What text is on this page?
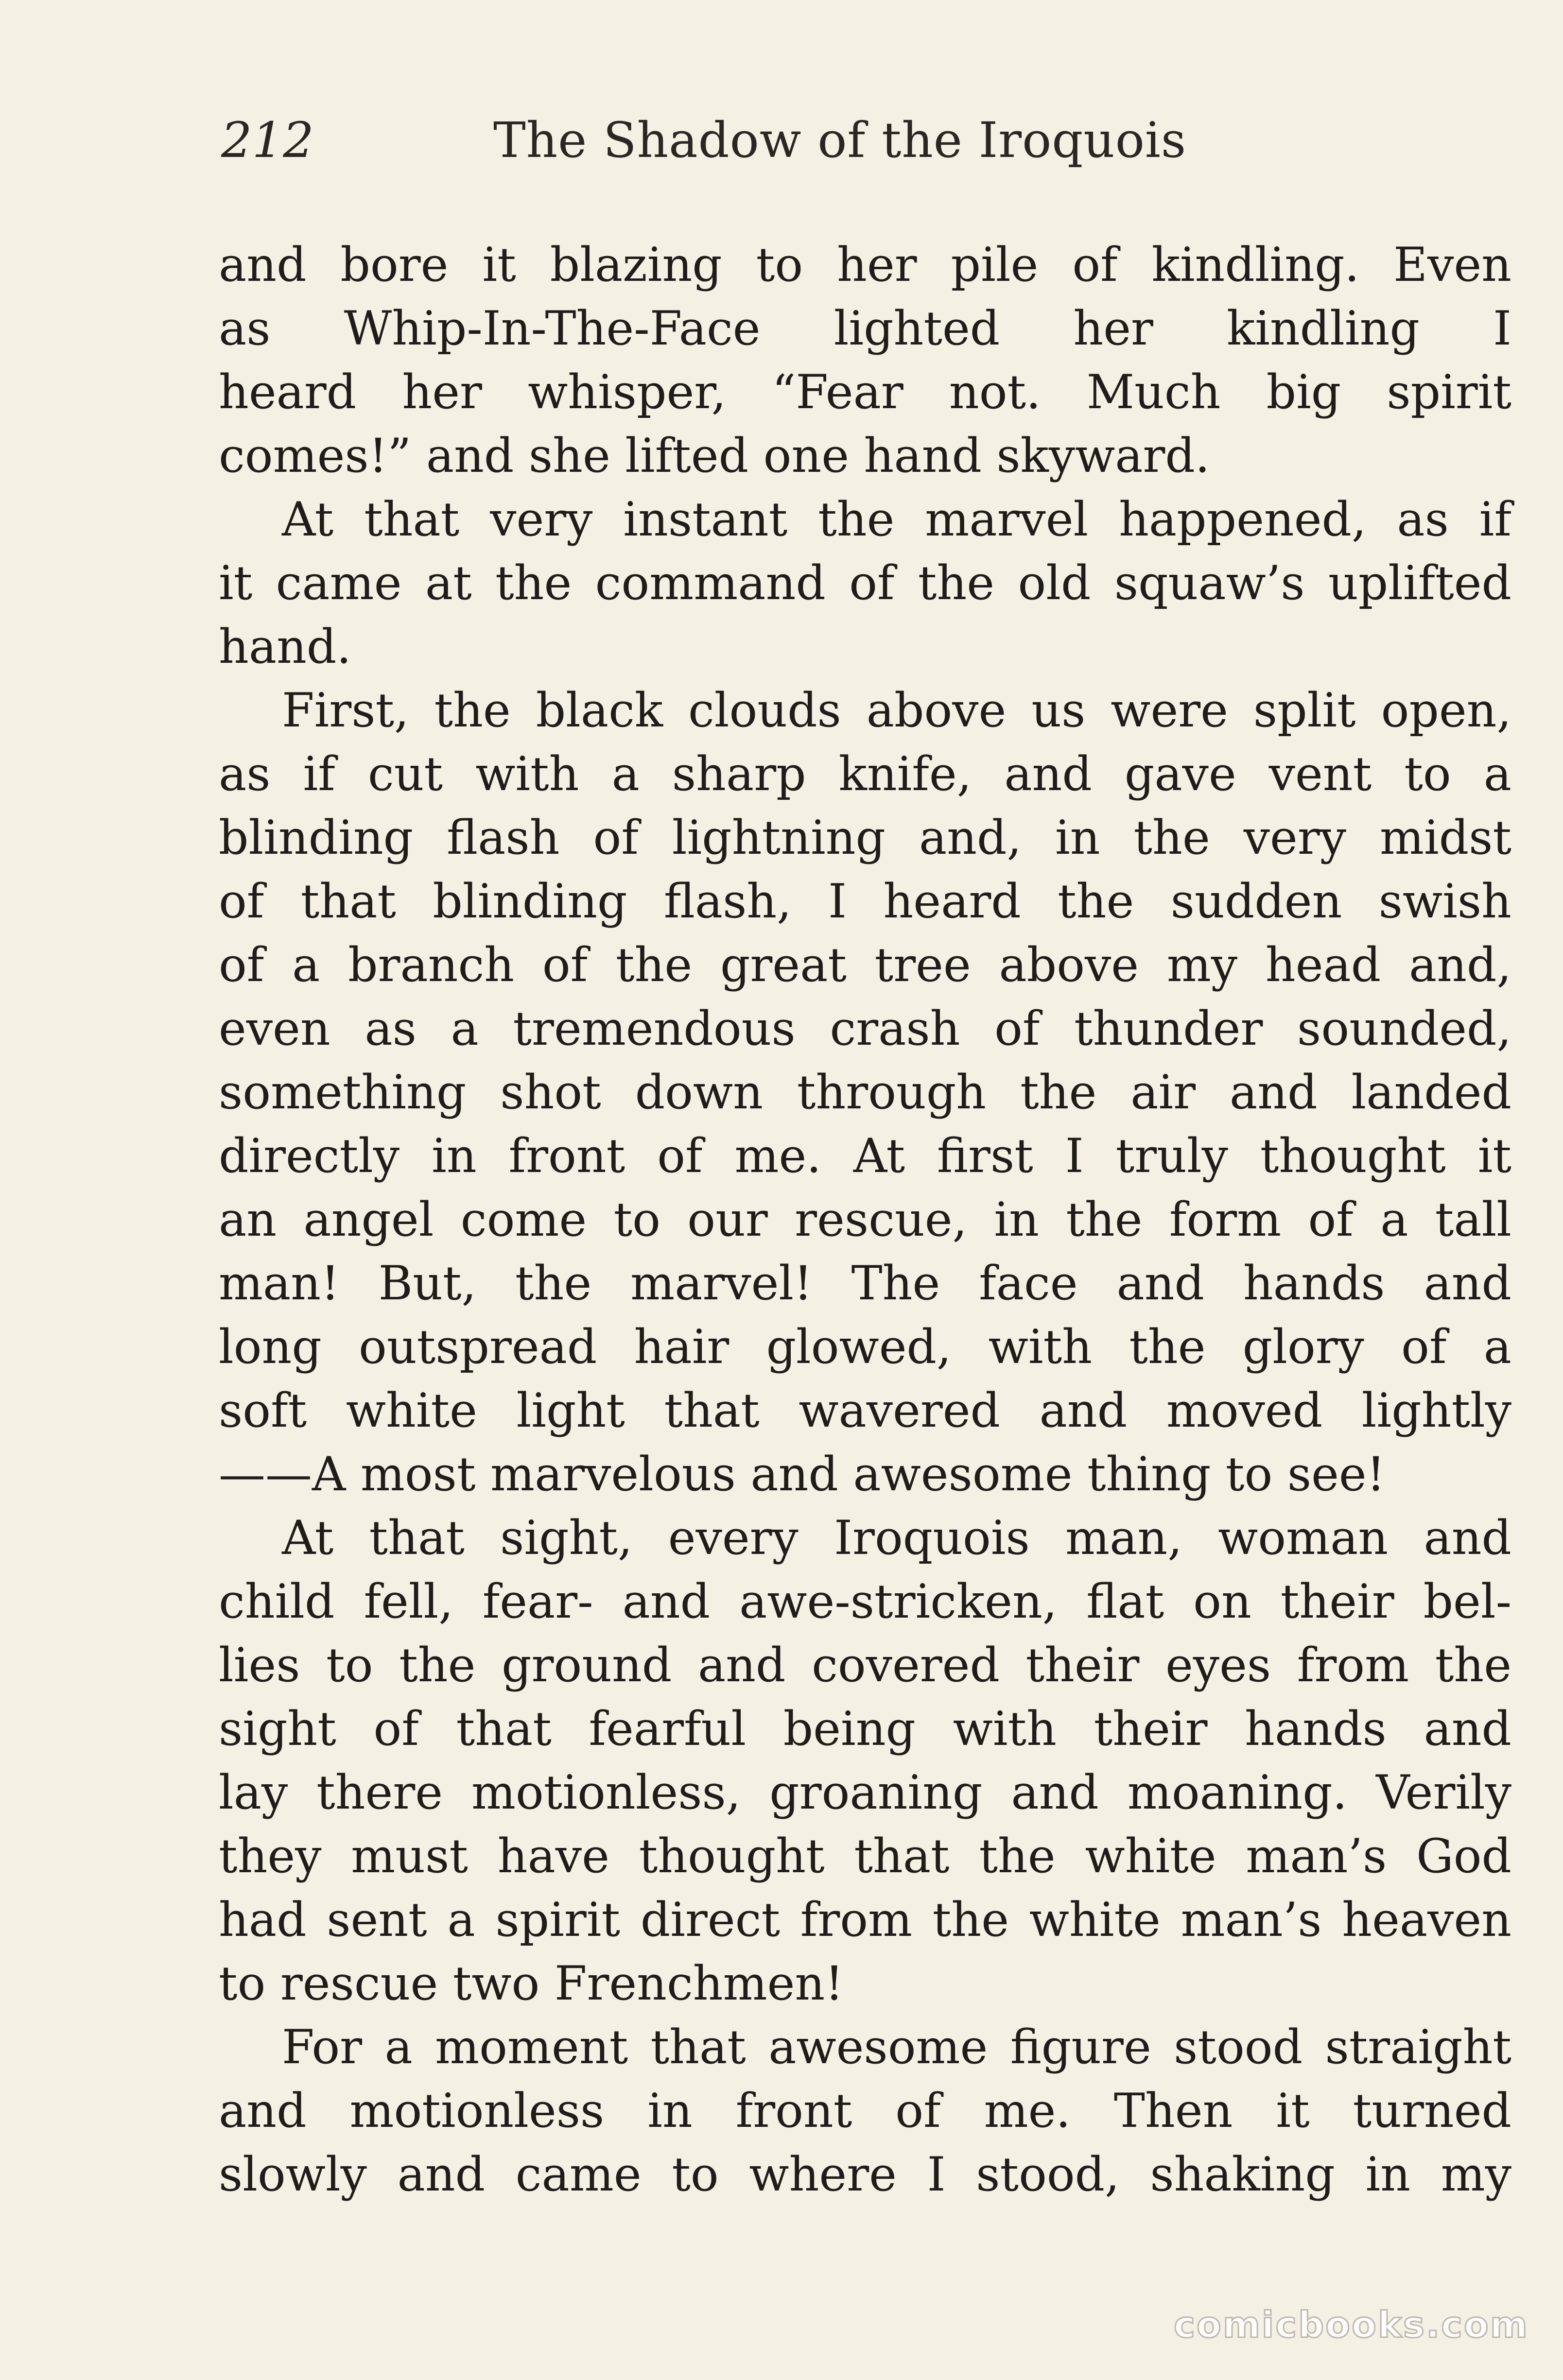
212	The Shadow of the Iroquois
and bore it blazing to her pile of kindling. Even
as Whip-In-The-Face lighted her kindling I
heard her whisper, “Fear not. Much big spirit
comes!” and she lifted one hand skyward.
At that very instant the marvel happened, as if
it came at the command of the old squaw’s uplifted
hand.
First, the black clouds above us were split open,
as if cut with a sharp knife, and gave vent to a
blinding flash of lightning and, in the very midst
of that blinding flash, I heard the sudden swish
of a branch of the great tree above my head and,
even as a tremendous crash of thunder sounded,
something shot down through the air and landed
directly in front of me. At first I truly thought it
an angel come to our rescue, in the form of a tall
man! But, the marvel! The face and hands and
long outspread hair glowed, with the glory of a
soft white light that wavered and moved lightly
——A most marvelous and awesome thing to see!
At that sight, every Iroquois man, woman and
child fell, fear- and awe-stricken, flat on their bel-
lies to the ground and covered their eyes from the
sight of that fearful being with their hands and
lay there motionless, groaning and moaning. Verily
they must have thought that the white man’s God
had sent a spirit direct from the white man’s heaven
to rescue two Frenchmen!
For a moment that awesome figure stood straight
and motionless in front of me. Then it turned
slowly and came to where I stood, shaking in my
comicbooks.com
